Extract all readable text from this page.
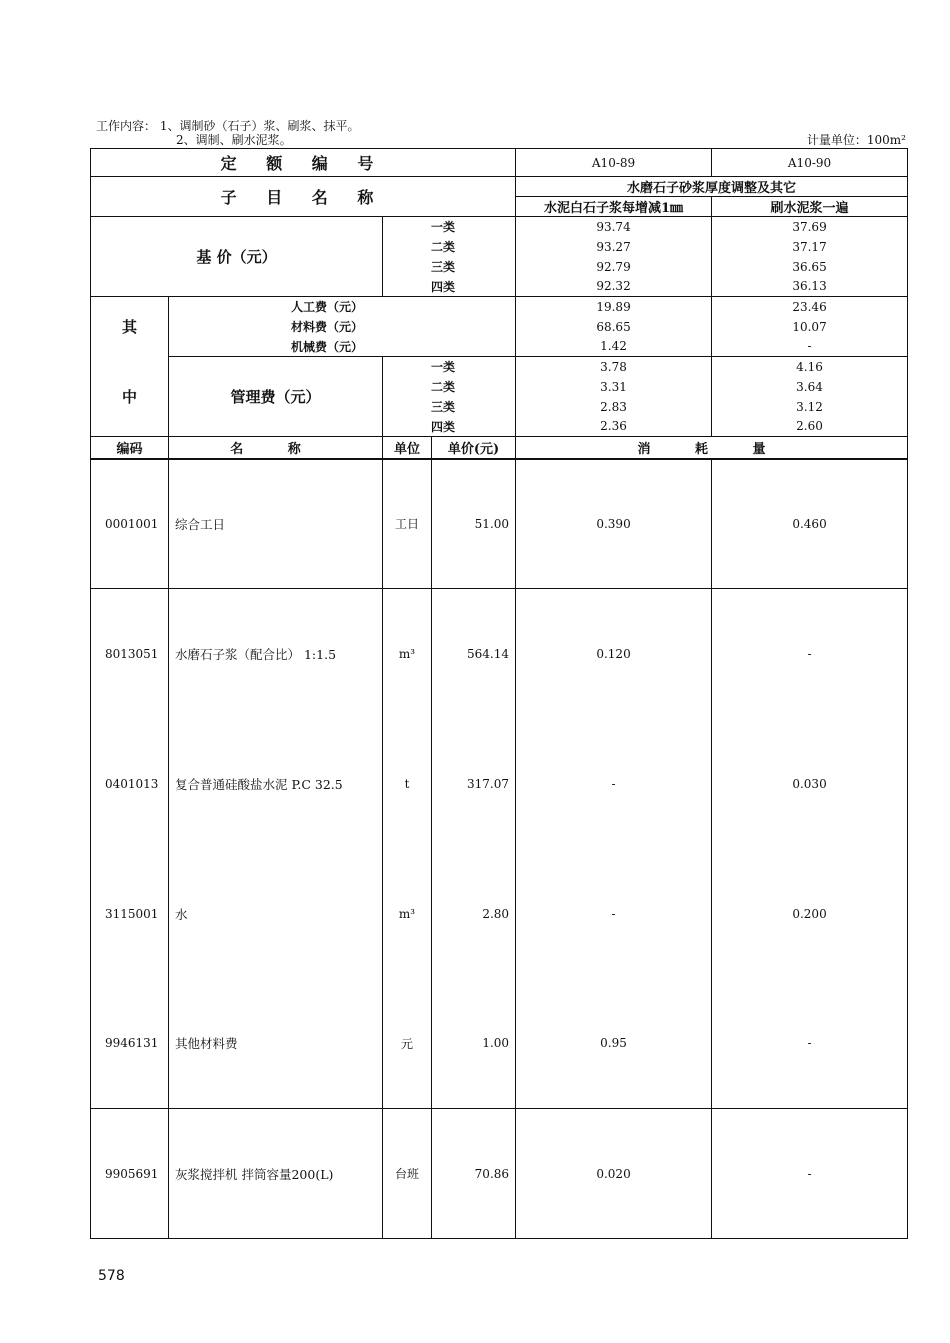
工作内容： 1、调制砂（石子）浆、刷浆、抹平。
2、调制、刷水泥浆。	计量单位：100m²
定 额 编 号				A10-89	A10-90
子 目 名 称				水磨石子砂浆厚度调整及其它	
				水泥白石子浆每增减1㎜	刷水泥浆一遍
基 价（元）		一类		93.74	37.69
		二类		93.27	37.17
		三类		92.79	36.65
		四类		92.32	36.13
其	人工费（元）			19.89	23.46
	材料费（元）			68.65	10.07
	机械费（元）			1.42	-
中	管理费（元）	一类		3.78	4.16
		二类		3.31	3.64
		三类		2.83	3.12
		四类		2.36	2.60
编码	名 称	单位	单价(元)	消 耗 量	
0001001	综合工日	工日	51.00	0.390	0.460
8013051	水磨石子浆（配合比） 1:1.5	m³	564.14	0.120	-
0401013	复合普通硅酸盐水泥 P.C 32.5	t	317.07	-	0.030
3115001	水	m³	2.80	-	0.200
9946131	其他材料费	元	1.00	0.95	-
9905691	灰浆搅拌机 拌筒容量200(L)	台班	70.86	0.020	-
578
